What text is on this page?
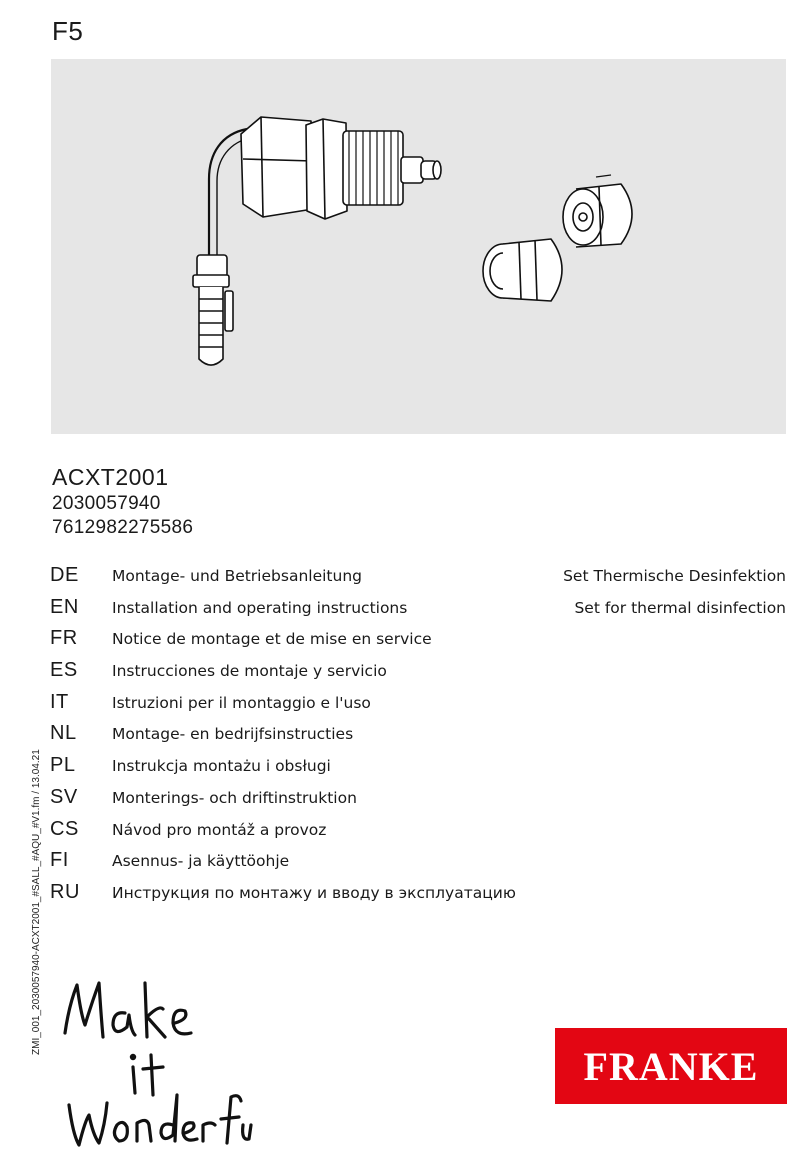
F5
ACXT2001
2030057940
7612982275586
DE Montage- und Betriebsanleitung	Set Thermische Desinfektion
EN Installation and operating instructions	Set for thermal disinfection
FR Notice de montage et de mise en service
ES Instrucciones de montaje y servicio
IT	Istruzioni per il montaggio e l'uso
NL Montage- en bedrijfsinstructies
PL Instrukcja montażu i obsługi
SV Monterings- och driftinstruktion
CS Návod pro montáž a provoz
FI	Asennus- ja käyttöohje
RU Инструкция по монтажу и вводу в эксплуатацию
ZMI_001_2030057940-ACXT2001_#SALL_#AQU_#V1.fm / 13.04.21
FRANKE
